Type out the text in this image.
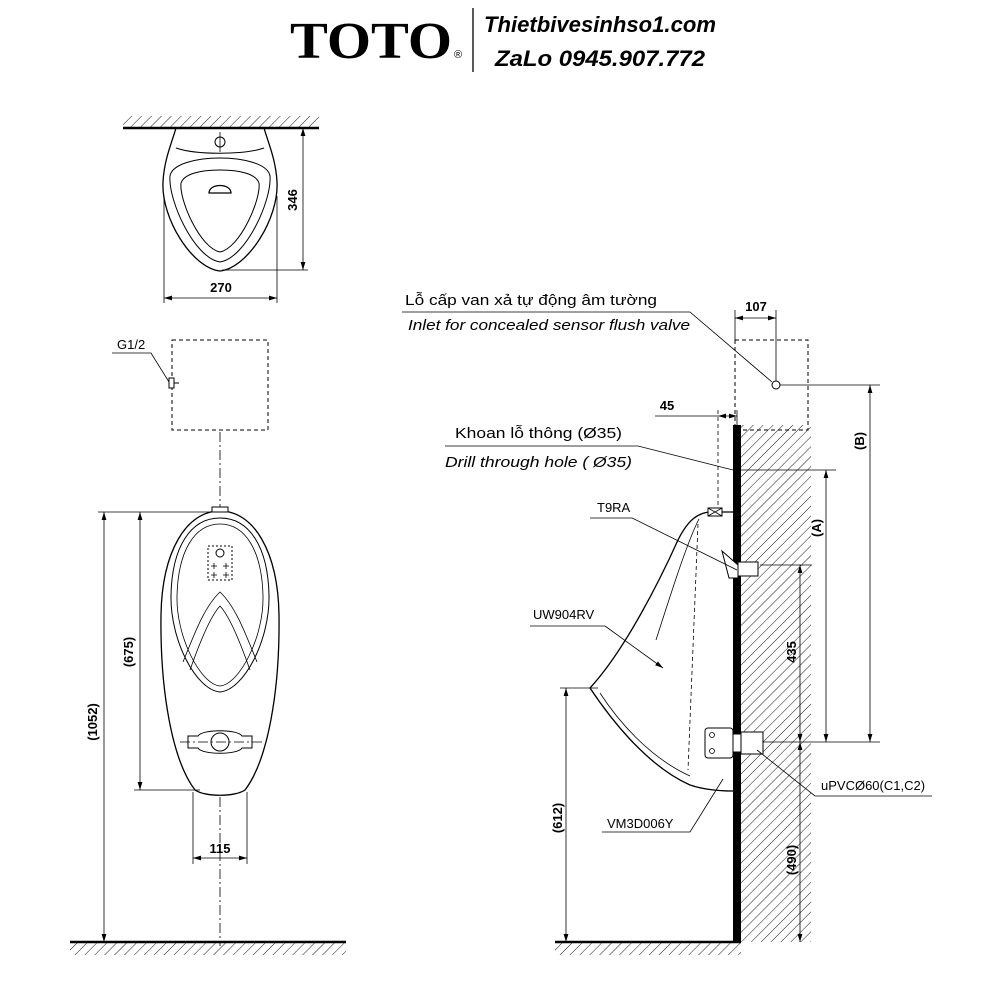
TOTO ®
Thietbivesinhso1.com
ZaLo 0945.907.772
346
270
G1/2
(1052)
(675)
115
Lỗ cấp van xả tự động âm tường
Inlet for concealed sensor flush valve
107
(B)
45
Khoan lỗ thông (Ø35)
Drill through hole ( Ø35)
(A)
435
(490)
(612)
T9RA
UW904RV
VM3D006Y
uPVCØ60(C1,C2)
